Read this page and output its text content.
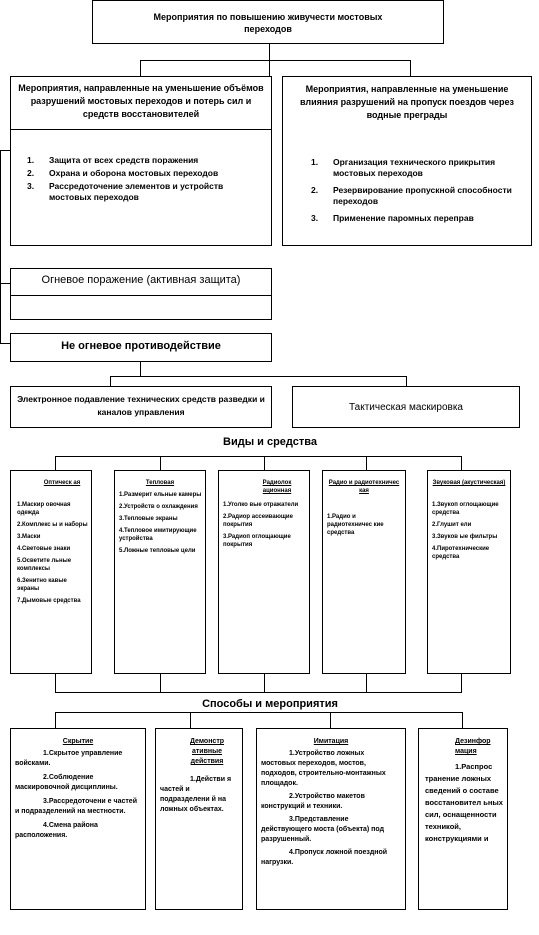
Мероприятия по повышению живучести мостовых переходов
Мероприятия, направленные на уменьшение объёмов разрушений мостовых переходов и потерь сил и средств восстановителей
1. Защита от всех средств поражения
2. Охрана и оборона мостовых переходов
3. Рассредоточение элементов и устройств мостовых переходов
Мероприятия, направленные на уменьшение влияния разрушений на пропуск поездов через водные преграды
1. Организация технического прикрытия мостовых переходов
2. Резервирование пропускной способности переходов
3. Применение паромных переправ
Огневое поражение (активная защита)
Не огневое противодействие
Электронное подавление технических средств разведки и каналов управления	Тактическая маскировка
Виды и средства
Оптическ ая
1.Маскир овочная одежда
2.Комплекс ы и наборы
3.Маски
4.Световые знаки
5.Осветите льные комплексы
6.Зенитно кавые экраны
7.Дымовые средства
Тепловая
1.Размерит ельные камеры
2.Устройств о охлаждения
3.Тепловые экраны
4.Тепловое имитирующие устройства
5.Ложные тепловые цели
Радиолок ационная
1.Уголко вые отражатели
2.Радиор ассеивающие покрытия
3.Радиоп оглощающие покрытия
Радио и радиотехничес кая
1.Радио и радиотехничес кие средства
Звуковая (акустическая)
1.Звукоп оглощающие средства
2.Глушит ели
3.Звуков ые фильтры
4.Пиротехнические средства
Способы и мероприятия
Скрытие
1.Скрытое управление войсками.
2.Соблюдение маскировочной дисциплины.
3.Рассредоточени е частей и подразделений на местности.
4.Смена района расположения.
Демонстр ативные действия
1.Действи я частей и подразделени й на ложных объектах.
Имитация
1.Устройство ложных мостовых переходов, мостов, подходов, строительно-монтажных площадок.
2.Устройство макетов конструкций и техники.
3.Представление действующего моста (объекта) под разрушенный.
4.Пропуск ложной поездной нагрузки.
Дезинфор мация
1.Распрос транение ложных сведений о составе восстановител ьных сил, оснащенности техникой, конструкциями и
